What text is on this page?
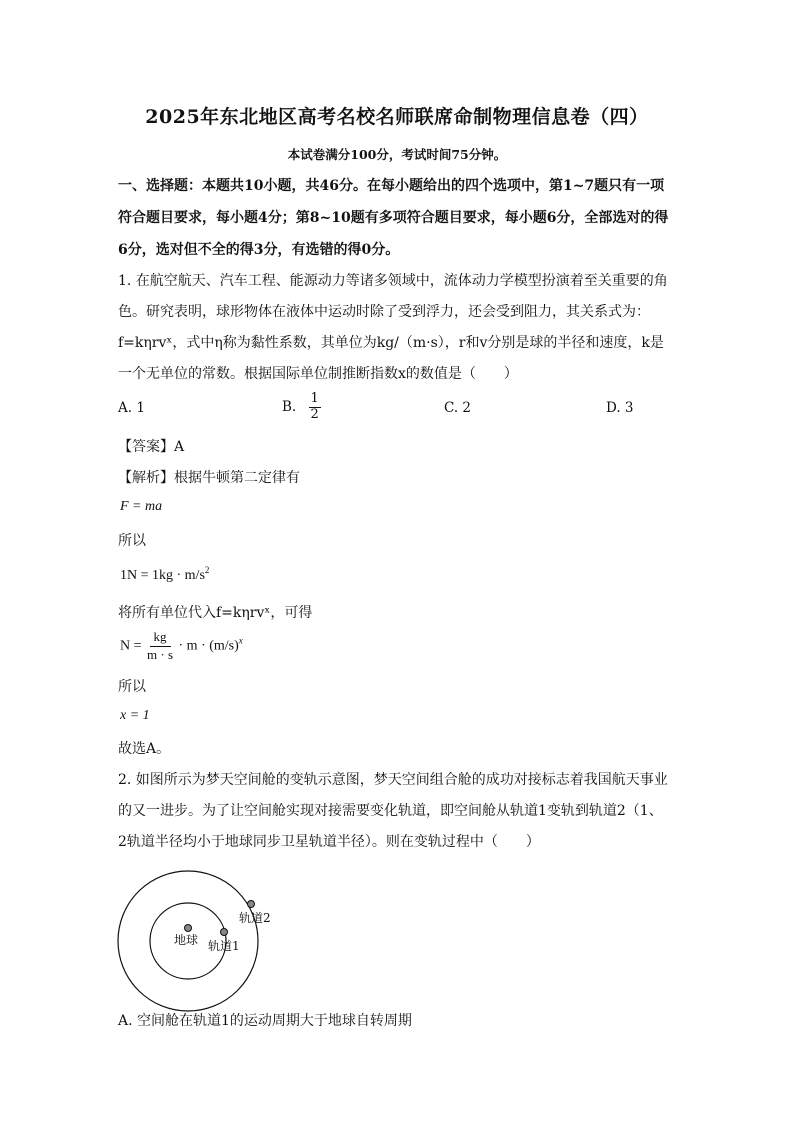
2025年东北地区高考名校名师联席命制物理信息卷（四）
本试卷满分100分，考试时间75分钟。
一、选择题：本题共10小题，共46分。在每小题给出的四个选项中，第1~7题只有一项
符合题目要求，每小题4分；第8~10题有多项符合题目要求，每小题6分，全部选对的得
6分，选对但不全的得3分，有选错的得0分。
1. 在航空航天、汽车工程、能源动力等诸多领域中，流体动力学模型扮演着至关重要的角
色。研究表明，球形物体在液体中运动时除了受到浮力，还会受到阻力，其关系式为：
f=kηrvˣ，式中η称为黏性系数，其单位为kg/（m·s），r和v分别是球的半径和速度，k是
一个无单位的常数。根据国际单位制推断指数x的数值是（　　）
A. 1	B. $\frac{1}{2}$	C. 2	D. 3
【答案】A
【解析】根据牛顿第二定律有
F = ma
所以
$1N = 1kg \cdot m/s^2$
将所有单位代入f=kηrvˣ，可得
$N = \frac{kg}{m \cdot s} \cdot m \cdot (m/s)^x$
所以
x = 1
故选A。
2. 如图所示为梦天空间舱的变轨示意图，梦天空间组合舱的成功对接标志着我国航天事业
的又一进步。为了让空间舱实现对接需要变化轨道，即空间舱从轨道1变轨到轨道2（1、
2轨道半径均小于地球同步卫星轨道半径）。则在变轨过程中（　　）
地球 轨道1
轨道2
A. 空间舱在轨道1的运动周期大于地球自转周期
